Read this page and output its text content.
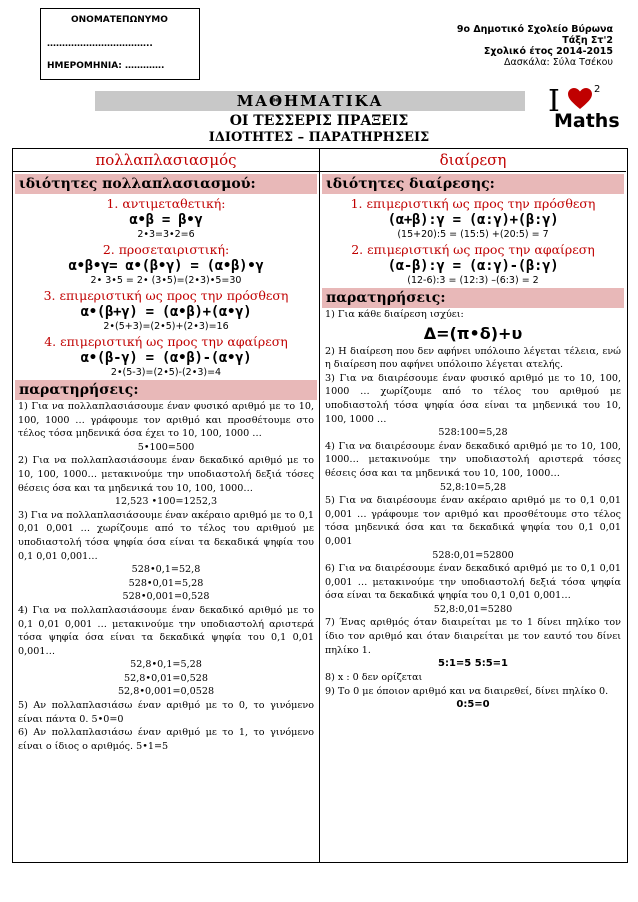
ΟΝΟΜΑΤΕΠΩΝΥΜΟ
……………………………..
ΗΜΕΡΟΜΗΝΙΑ: ………….
9ο Δημοτικό Σχολείο Βύρωνα
Τάξη Στ'2
Σχολικό έτος 2014-2015
Δασκάλα: Σύλα Τσέκου
I	2
Maths
ΜΑΘΗΜΑΤΙΚΑ
ΟΙ ΤΕΣΣΕΡΙΣ ΠΡΑΞΕΙΣ
ΙΔΙΟΤΗΤΕΣ – ΠΑΡΑΤΗΡΗΣΕΙΣ
πολλαπλασιασμός
ιδιότητες πολλαπλασιασμού:
1. αντιμεταθετική:
α•β = β•γ
2•3=3•2=6
2. προσεταιριστική:
α•β•γ= α•(β•γ) = (α•β)•γ
2• 3•5 = 2• (3•5)=(2•3)•5=30
3. επιμεριστική ως προς την πρόσθεση
α•(β+γ) = (α•β)+(α•γ)
2•(5+3)=(2•5)+(2•3)=16
4. επιμεριστική ως προς την αφαίρεση
α•(β-γ) = (α•β)-(α•γ)
2•(5-3)=(2•5)-(2•3)=4
παρατηρήσεις:
1) Για να πολλαπλασιάσουμε έναν φυσικό αριθμό με το 10, 100, 1000 … γράφουμε τον αριθμό και προσθέτουμε στο τέλος τόσα μηδενικά όσα έχει το 10, 100, 1000 …
5•100=500
2) Για να πολλαπλασιάσουμε έναν δεκαδικό αριθμό με το 10, 100, 1000… μετακινούμε την υποδιαστολή δεξιά τόσες θέσεις όσα και τα μηδενικά του 10, 100, 1000…
12,523 •100=1252,3
3) Για να πολλαπλασιάσουμε έναν ακέραιο αριθμό με το 0,1 0,01 0,001 … χωρίζουμε από το τέλος του αριθμού με υποδιαστολή τόσα ψηφία όσα είναι τα δεκαδικά ψηφία του 0,1 0,01 0,001…
528•0,1=52,8
528•0,01=5,28
528•0,001=0,528
4) Για να πολλαπλασιάσουμε έναν δεκαδικό αριθμό με το 0,1 0,01 0,001 … μετακινούμε την υποδιαστολή αριστερά τόσα ψηφία όσα είναι τα δεκαδικά ψηφία του 0,1 0,01 0,001…
52,8•0,1=5,28
52,8•0,01=0,528
52,8•0,001=0,0528
5) Αν πολλαπλασιάσω έναν αριθμό με το 0, το γινόμενο είναι πάντα 0. 5•0=0
6) Αν πολλαπλασιάσω έναν αριθμό με το 1, το γινόμενο είναι ο ίδιος ο αριθμός. 5•1=5
διαίρεση
ιδιότητες διαίρεσης:
1. επιμεριστική ως προς την πρόσθεση
(α+β):γ = (α:γ)+(β:γ)
(15+20):5 = (15:5) +(20:5) = 7
2. επιμεριστική ως προς την αφαίρεση
(α-β):γ = (α:γ)-(β:γ)
(12-6):3 = (12:3) –(6:3) = 2
παρατηρήσεις:
1) Για κάθε διαίρεση ισχύει:
Δ=(π•δ)+υ
2) Η διαίρεση που δεν αφήνει υπόλοιπο λέγεται τέλεια, ενώ η διαίρεση που αφήνει υπόλοιπο λέγεται ατελής.
3) Για να διαιρέσουμε έναν φυσικό αριθμό με το 10, 100, 1000 … χωρίζουμε από το τέλος του αριθμού με υποδιαστολή τόσα ψηφία όσα είναι τα μηδενικά του 10, 100, 1000 …
528:100=5,28
4) Για να διαιρέσουμε έναν δεκαδικό αριθμό με το 10, 100, 1000… μετακινούμε την υποδιαστολή αριστερά τόσες θέσεις όσα και τα μηδενικά του 10, 100, 1000…
52,8:10=5,28
5) Για να διαιρέσουμε έναν ακέραιο αριθμό με το 0,1 0,01 0,001 … γράφουμε τον αριθμό και προσθέτουμε στο τέλος τόσα μηδενικά όσα και τα δεκαδικά ψηφία του 0,1 0,01 0,001
528:0,01=52800
6) Για να διαιρέσουμε έναν δεκαδικό αριθμό με το 0,1 0,01 0,001 … μετακινούμε την υποδιαστολή δεξιά τόσα ψηφία όσα είναι τα δεκαδικά ψηφία του 0,1 0,01 0,001…
52,8:0,01=5280
7) Ένας αριθμός όταν διαιρείται με το 1 δίνει πηλίκο τον ίδιο τον αριθμό και όταν διαιρείται με τον εαυτό του δίνει πηλίκο 1.
5:1=5 5:5=1
8) x : 0 δεν ορίζεται
9) Το 0 με όποιον αριθμό και να διαιρεθεί, δίνει πηλίκο 0.
0:5=0
